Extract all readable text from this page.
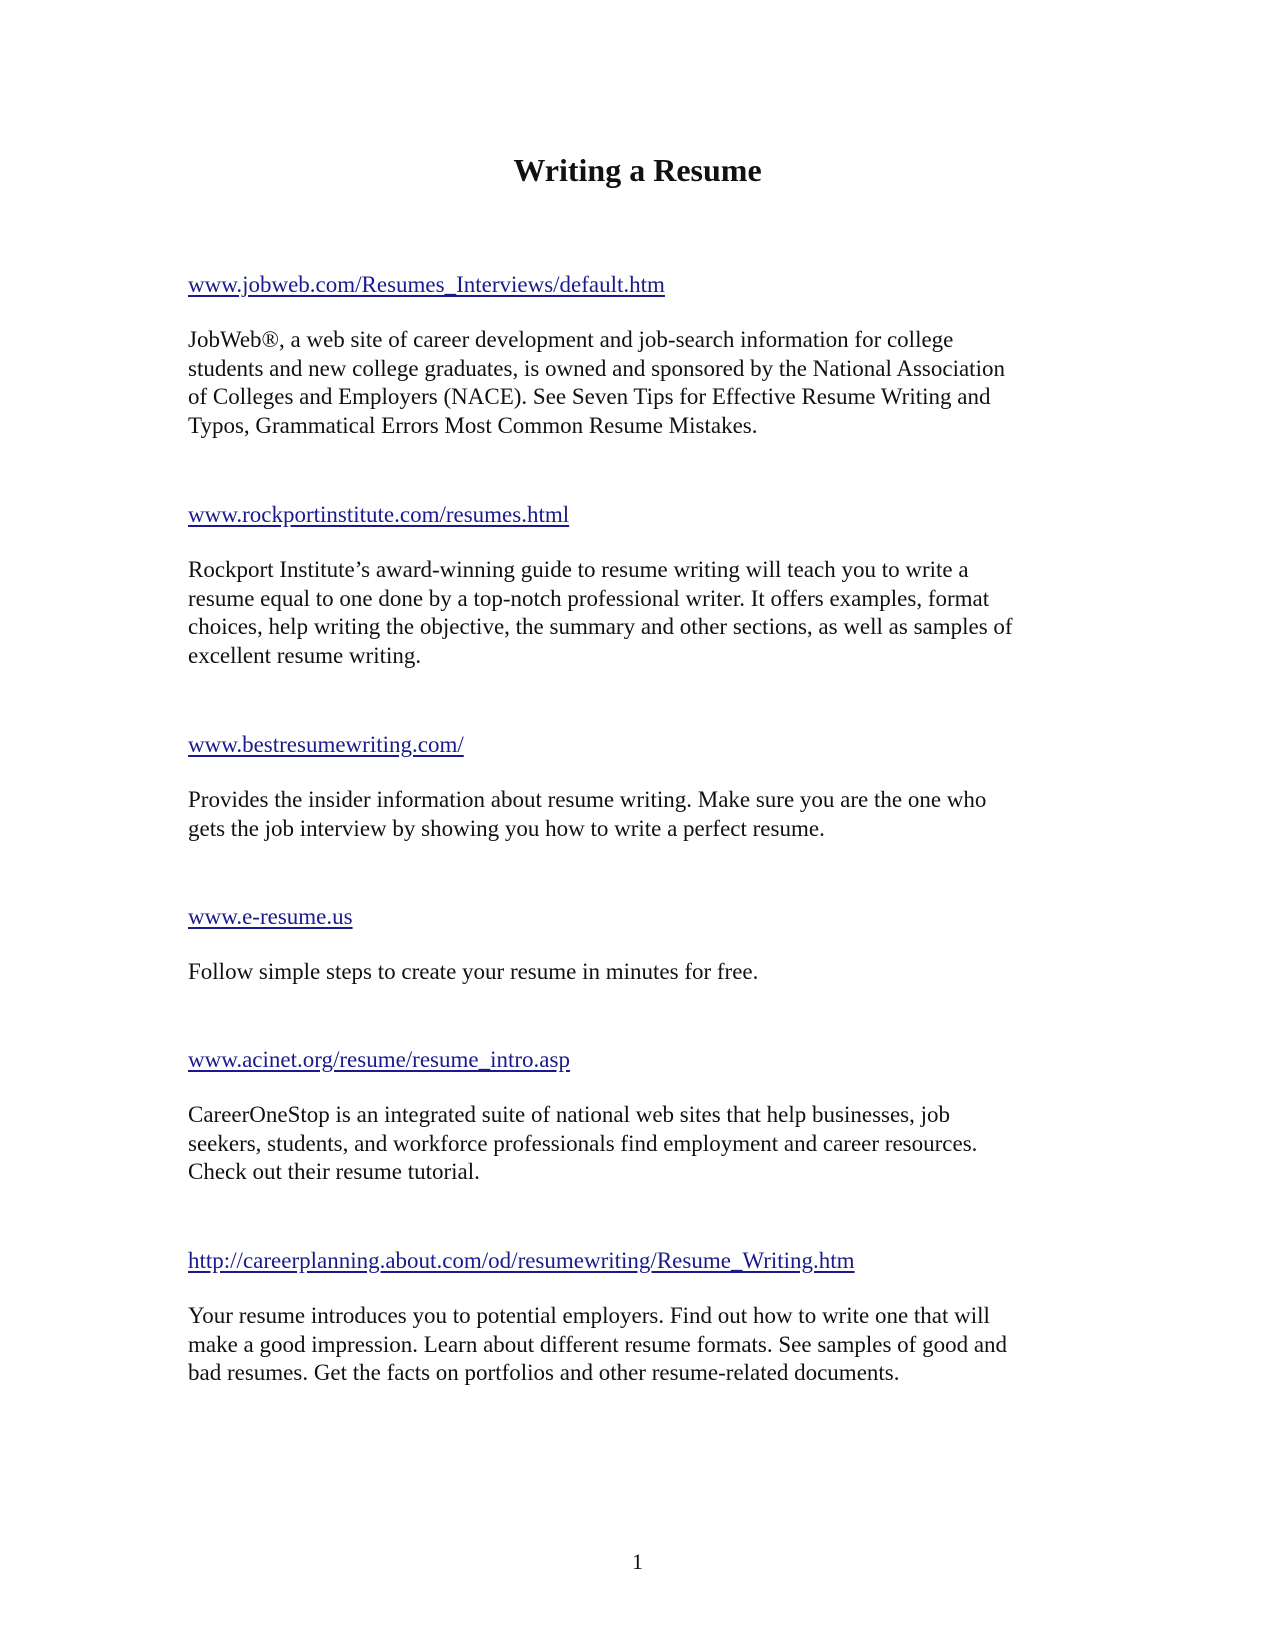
Writing a Resume
www.jobweb.com/Resumes_Interviews/default.htm

JobWeb®, a web site of career development and job-search information for college
students and new college graduates, is owned and sponsored by the National Association
of Colleges and Employers (NACE). See Seven Tips for Effective Resume Writing and
Typos, Grammatical Errors Most Common Resume Mistakes.

www.rockportinstitute.com/resumes.html

Rockport Institute’s award-winning guide to resume writing will teach you to write a
resume equal to one done by a top-notch professional writer. It offers examples, format
choices, help writing the objective, the summary and other sections, as well as samples of
excellent resume writing.

www.bestresumewriting.com/

Provides the insider information about resume writing. Make sure you are the one who
gets the job interview by showing you how to write a perfect resume.

www.e-resume.us

Follow simple steps to create your resume in minutes for free.

www.acinet.org/resume/resume_intro.asp

CareerOneStop is an integrated suite of national web sites that help businesses, job
seekers, students, and workforce professionals find employment and career resources.
Check out their resume tutorial.

http://careerplanning.about.com/od/resumewriting/Resume_Writing.htm

Your resume introduces you to potential employers. Find out how to write one that will
make a good impression. Learn about different resume formats. See samples of good and
bad resumes. Get the facts on portfolios and other resume-related documents.

1
